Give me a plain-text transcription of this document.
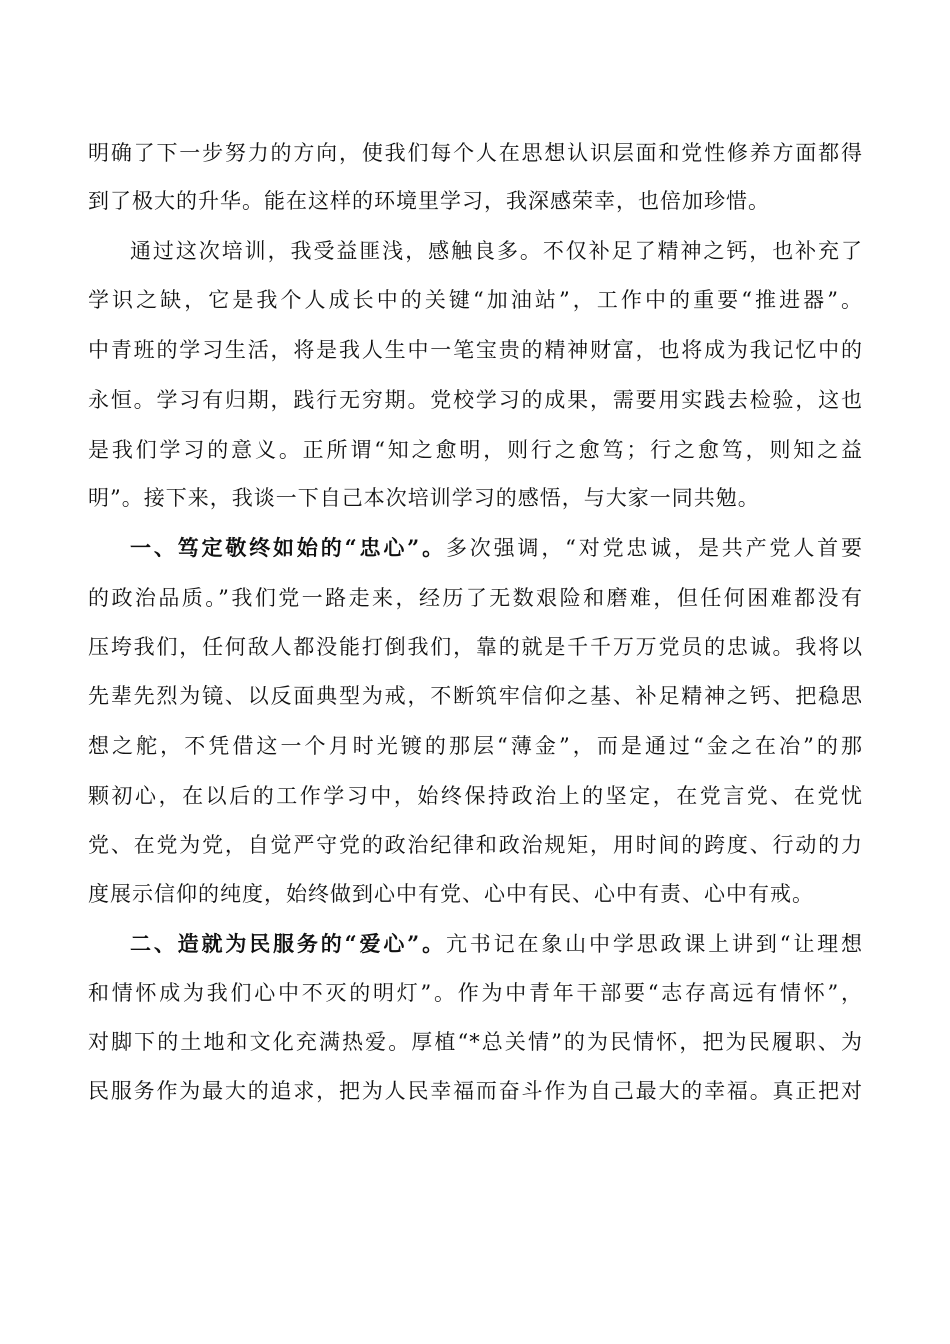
明确了下一步努力的方向，使我们每个人在思想认识层面和党性修养方面都得
到了极大的升华。能在这样的环境里学习，我深感荣幸，也倍加珍惜。
通过这次培训，我受益匪浅，感触良多。不仅补足了精神之钙，也补充了
学识之缺，它是我个人成长中的关键“加油站”，工作中的重要“推进器”。
中青班的学习生活，将是我人生中一笔宝贵的精神财富，也将成为我记忆中的
永恒。学习有归期，践行无穷期。党校学习的成果，需要用实践去检验，这也
是我们学习的意义。正所谓“知之愈明，则行之愈笃；行之愈笃，则知之益
明”。接下来，我谈一下自己本次培训学习的感悟，与大家一同共勉。
一、笃定敬终如始的“忠心”。多次强调，“对党忠诚，是共产党人首要
的政治品质。”我们党一路走来，经历了无数艰险和磨难，但任何困难都没有
压垮我们，任何敌人都没能打倒我们，靠的就是千千万万党员的忠诚。我将以
先辈先烈为镜、以反面典型为戒，不断筑牢信仰之基、补足精神之钙、把稳思
想之舵，不凭借这一个月时光镀的那层“薄金”，而是通过“金之在冶”的那
颗初心，在以后的工作学习中，始终保持政治上的坚定，在党言党、在党忧
党、在党为党，自觉严守党的政治纪律和政治规矩，用时间的跨度、行动的力
度展示信仰的纯度，始终做到心中有党、心中有民、心中有责、心中有戒。
二、造就为民服务的“爱心”。亢书记在象山中学思政课上讲到“让理想
和情怀成为我们心中不灭的明灯”。作为中青年干部要“志存高远有情怀”，
对脚下的土地和文化充满热爱。厚植“*总关情”的为民情怀，把为民履职、为
民服务作为最大的追求，把为人民幸福而奋斗作为自己最大的幸福。真正把对
